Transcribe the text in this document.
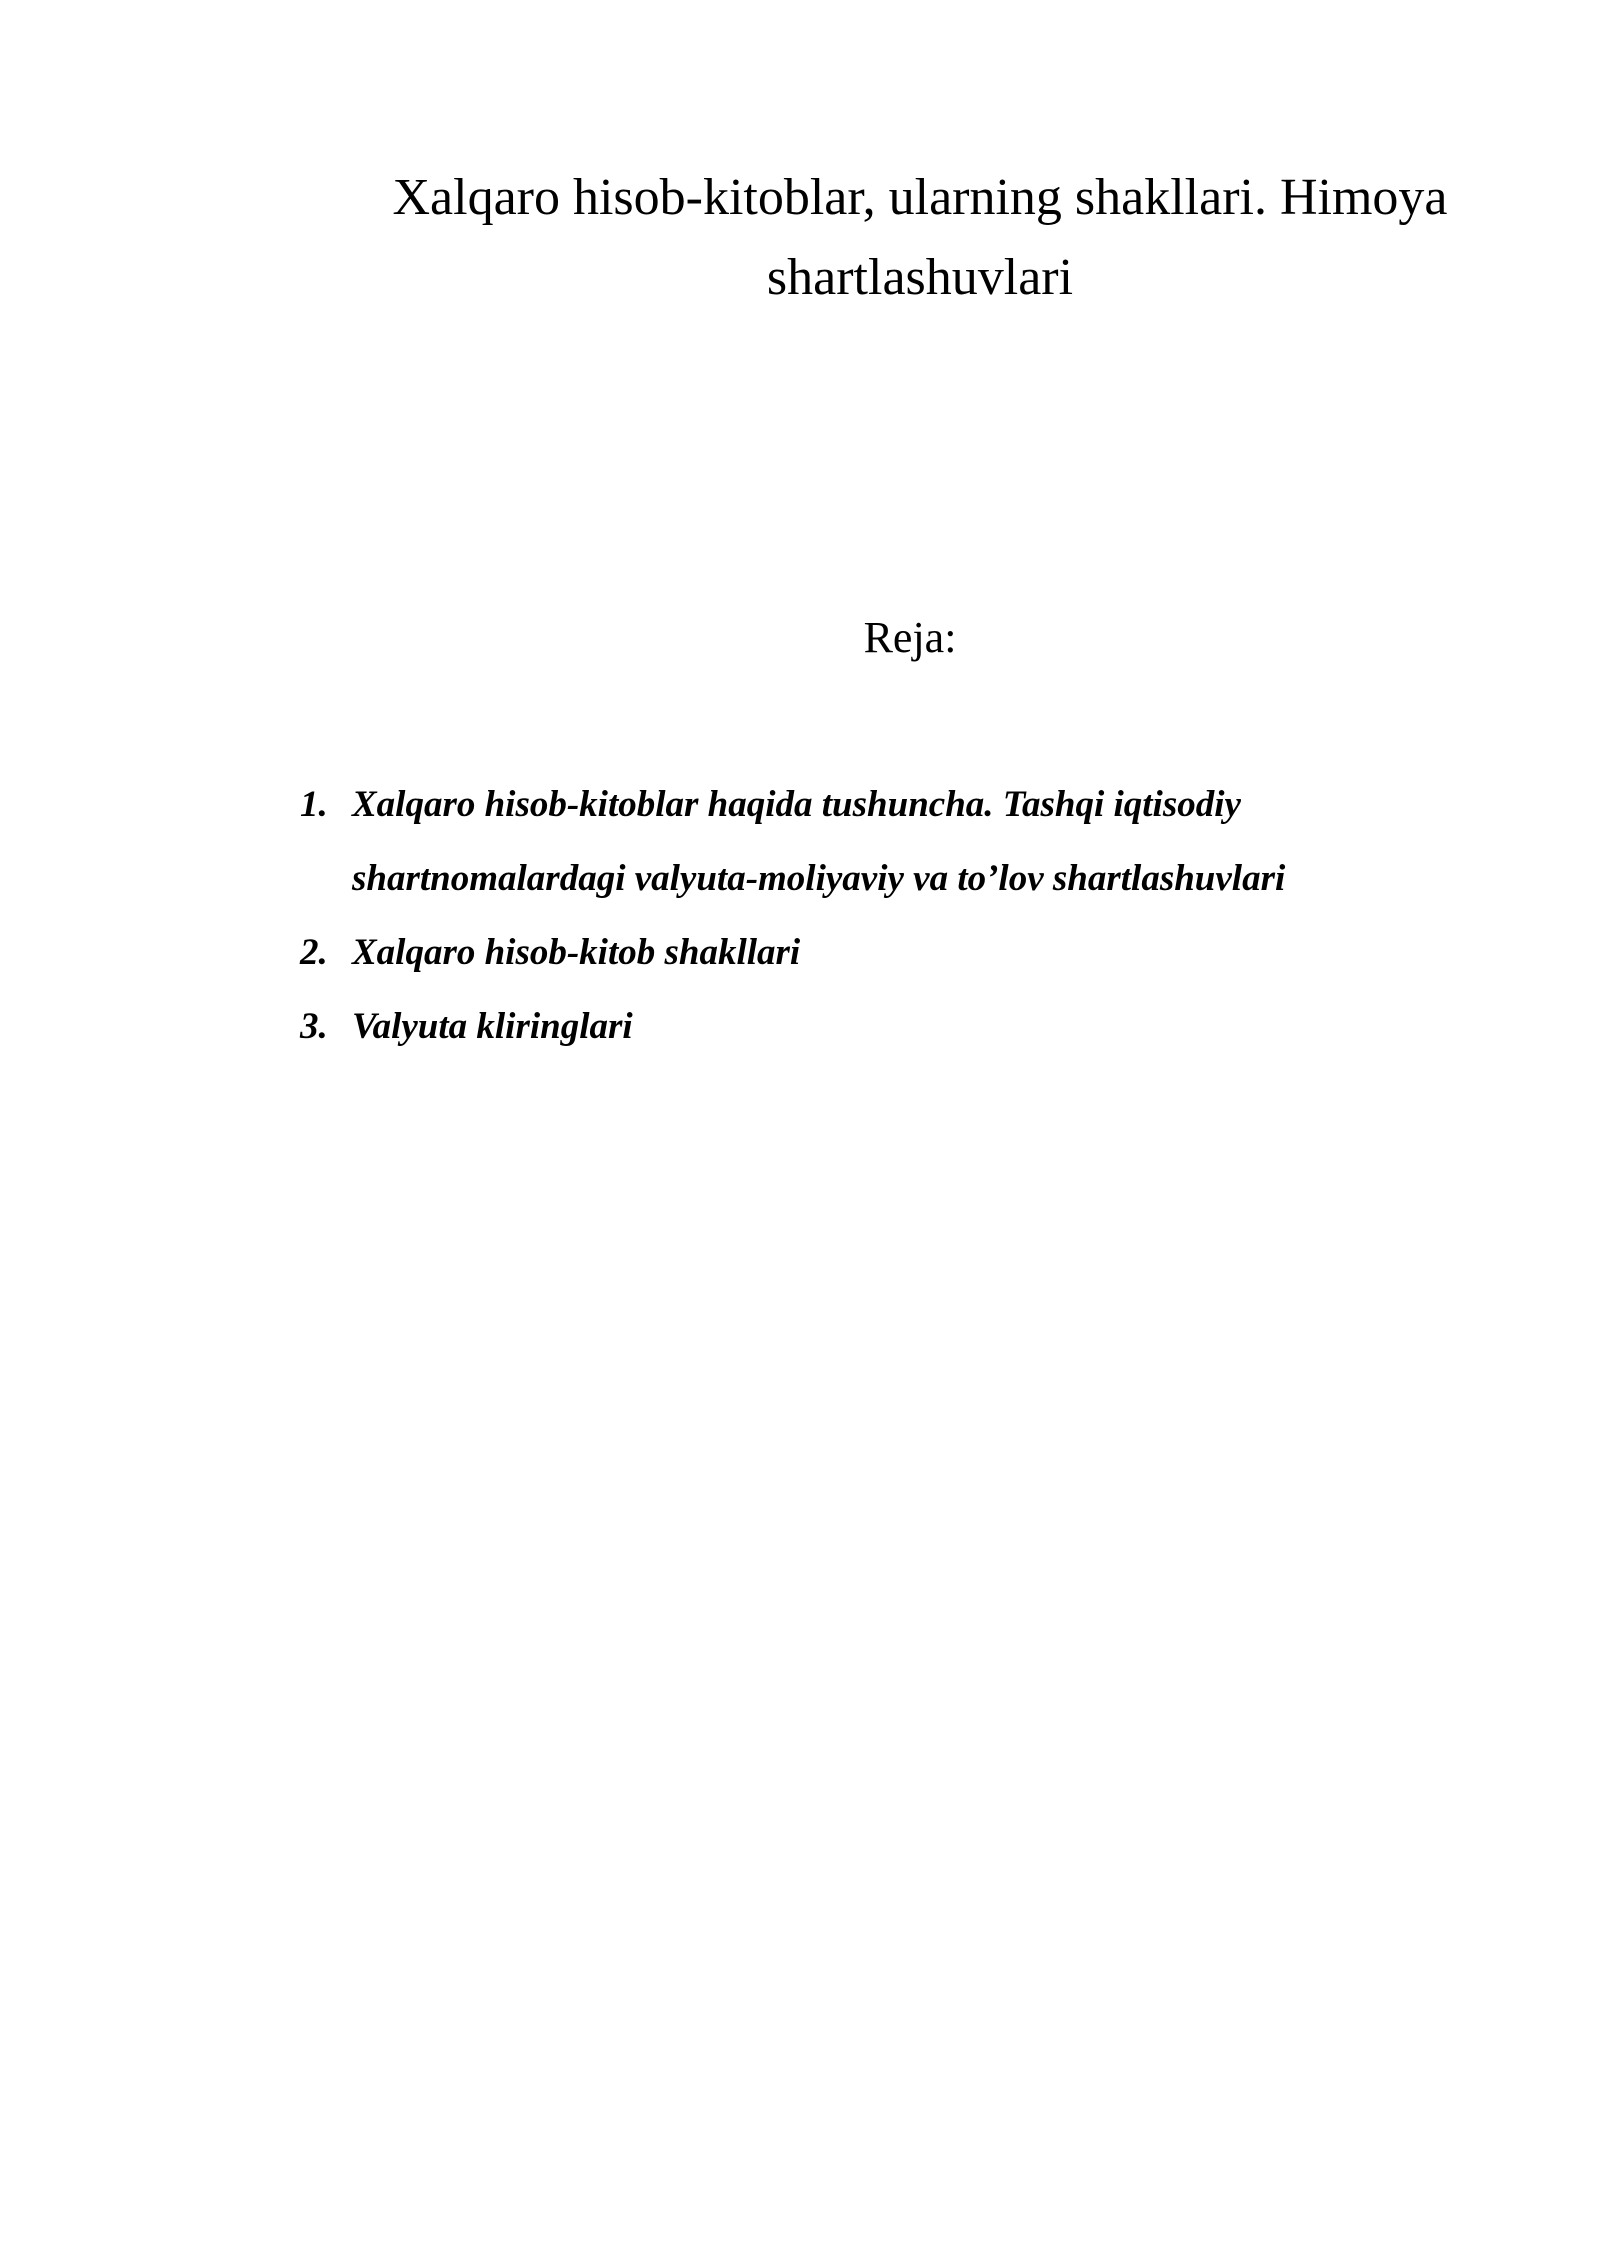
Xalqaro hisob-kitoblar, ularning shakllari. Himoya
shartlashuvlari
Reja:
1. Xalqaro hisob-kitoblar haqida tushuncha. Tashqi iqtisodiy
shartnomalardagi valyuta-moliyaviy va to’lov shartlashuvlari
2. Xalqaro hisob-kitob shakllari
3. Valyuta kliringlari
